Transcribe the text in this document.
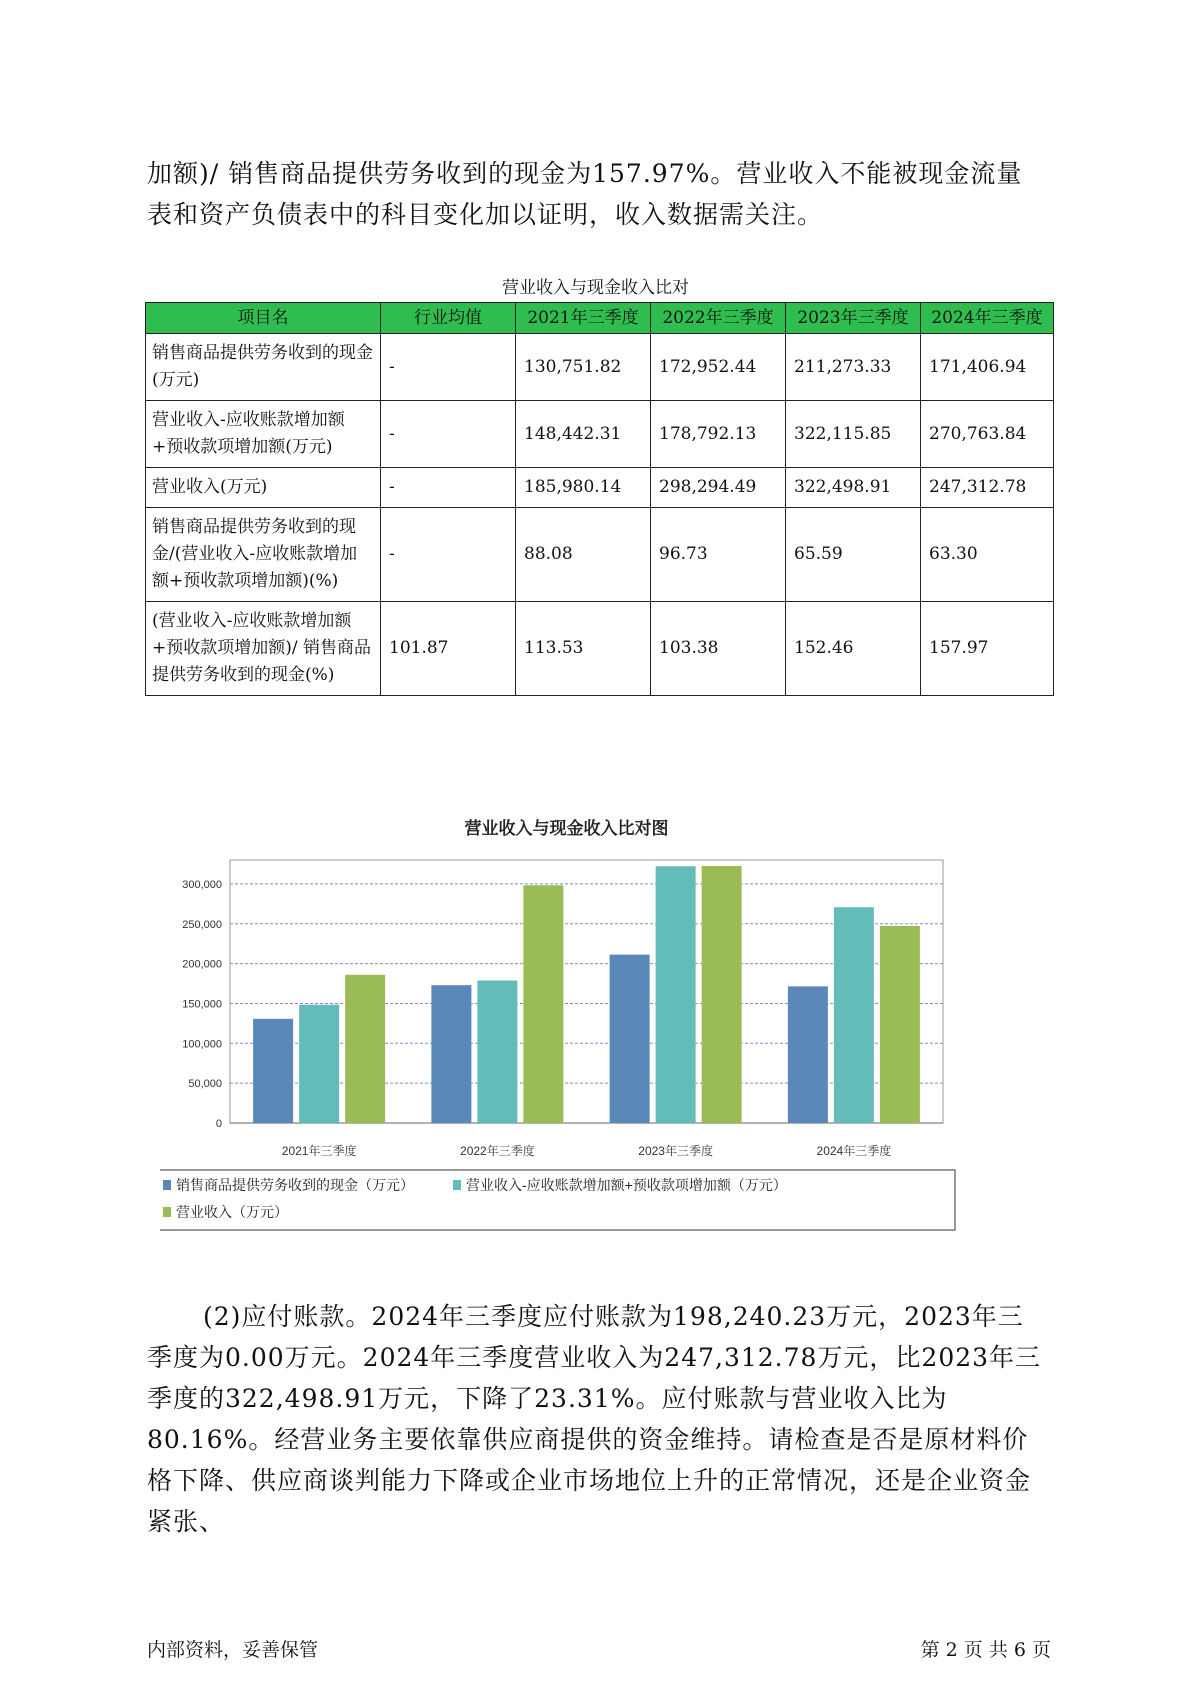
加额)/ 销售商品提供劳务收到的现金为157.97%。营业收入不能被现金流量表和资产负债表中的科目变化加以证明，收入数据需关注。
营业收入与现金收入比对
项目名	行业均值	2021年三季度	2022年三季度	2023年三季度	2024年三季度
销售商品提供劳务收到的现金(万元)	-	130,751.82	172,952.44	211,273.33	171,406.94
营业收入-应收账款增加额+预收款项增加额(万元)	-	148,442.31	178,792.13	322,115.85	270,763.84
营业收入(万元)	-	185,980.14	298,294.49	322,498.91	247,312.78
销售商品提供劳务收到的现金/(营业收入-应收账款增加额+预收款项增加额)(%)	-	88.08	96.73	65.59	63.30
(营业收入-应收账款增加额+预收款项增加额)/ 销售商品提供劳务收到的现金(%)	101.87	113.53	103.38	152.46	157.97
营业收入与现金收入比对图
0
50,000
100,000
150,000
200,000
250,000
300,000
2021年三季度	2022年三季度	2023年三季度	2024年三季度
销售商品提供劳务收到的现金（万元）	营业收入-应收账款增加额+预收款项增加额（万元）
营业收入（万元）
(2)应付账款。2024年三季度应付账款为198,240.23万元，2023年三季度为0.00万元。2024年三季度营业收入为247,312.78万元，比2023年三季度的322,498.91万元，下降了23.31%。应付账款与营业收入比为80.16%。经营业务主要依靠供应商提供的资金维持。请检查是否是原材料价格下降、供应商谈判能力下降或企业市场地位上升的正常情况，还是企业资金紧张、
内部资料，妥善保管	第 2 页 共 6 页
